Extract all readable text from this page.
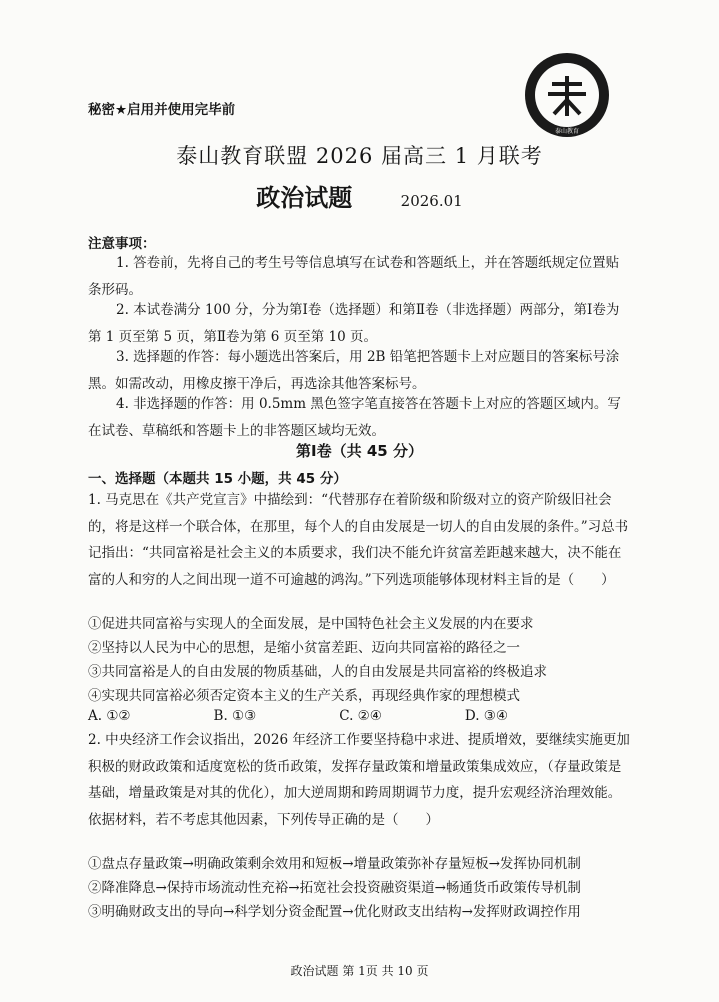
秘密★启用并使用完毕前
泰山教育
泰山教育联盟 2026 届高三 1 月联考
政治试题	2026.01
注意事项：
1. 答卷前，先将自己的考生号等信息填写在试卷和答题纸上，并在答题纸规定位置贴条形码。
2. 本试卷满分 100 分，分为第Ⅰ卷（选择题）和第Ⅱ卷（非选择题）两部分，第Ⅰ卷为第 1 页至第 5 页，第Ⅱ卷为第 6 页至第 10 页。
3. 选择题的作答：每小题选出答案后，用 2B 铅笔把答题卡上对应题目的答案标号涂黑。如需改动，用橡皮擦干净后，再选涂其他答案标号。
4. 非选择题的作答：用 0.5mm 黑色签字笔直接答在答题卡上对应的答题区域内。写在试卷、草稿纸和答题卡上的非答题区域均无效。
第Ⅰ卷（共 45 分）
一、选择题（本题共 15 小题，共 45 分）
1. 马克思在《共产党宣言》中描绘到：“代替那存在着阶级和阶级对立的资产阶级旧社会的，将是这样一个联合体，在那里，每个人的自由发展是一切人的自由发展的条件。”习总书记指出：“共同富裕是社会主义的本质要求，我们决不能允许贫富差距越来越大，决不能在富的人和穷的人之间出现一道不可逾越的鸿沟。”下列选项能够体现材料主旨的是（　　）
①促进共同富裕与实现人的全面发展，是中国特色社会主义发展的内在要求
②坚持以人民为中心的思想，是缩小贫富差距、迈向共同富裕的路径之一
③共同富裕是人的自由发展的物质基础，人的自由发展是共同富裕的终极追求
④实现共同富裕必须否定资本主义的生产关系，再现经典作家的理想模式
A. ①②	B. ①③	C. ②④	D. ③④
2. 中央经济工作会议指出，2026 年经济工作要坚持稳中求进、提质增效，要继续实施更加积极的财政政策和适度宽松的货币政策，发挥存量政策和增量政策集成效应，（存量政策是基础，增量政策是对其的优化），加大逆周期和跨周期调节力度，提升宏观经济治理效能。依据材料，若不考虑其他因素，下列传导正确的是（　　）
①盘点存量政策→明确政策剩余效用和短板→增量政策弥补存量短板→发挥协同机制
②降准降息→保持市场流动性充裕→拓宽社会投资融资渠道→畅通货币政策传导机制
③明确财政支出的导向→科学划分资金配置→优化财政支出结构→发挥财政调控作用
政治试题 第 1页 共 10 页
